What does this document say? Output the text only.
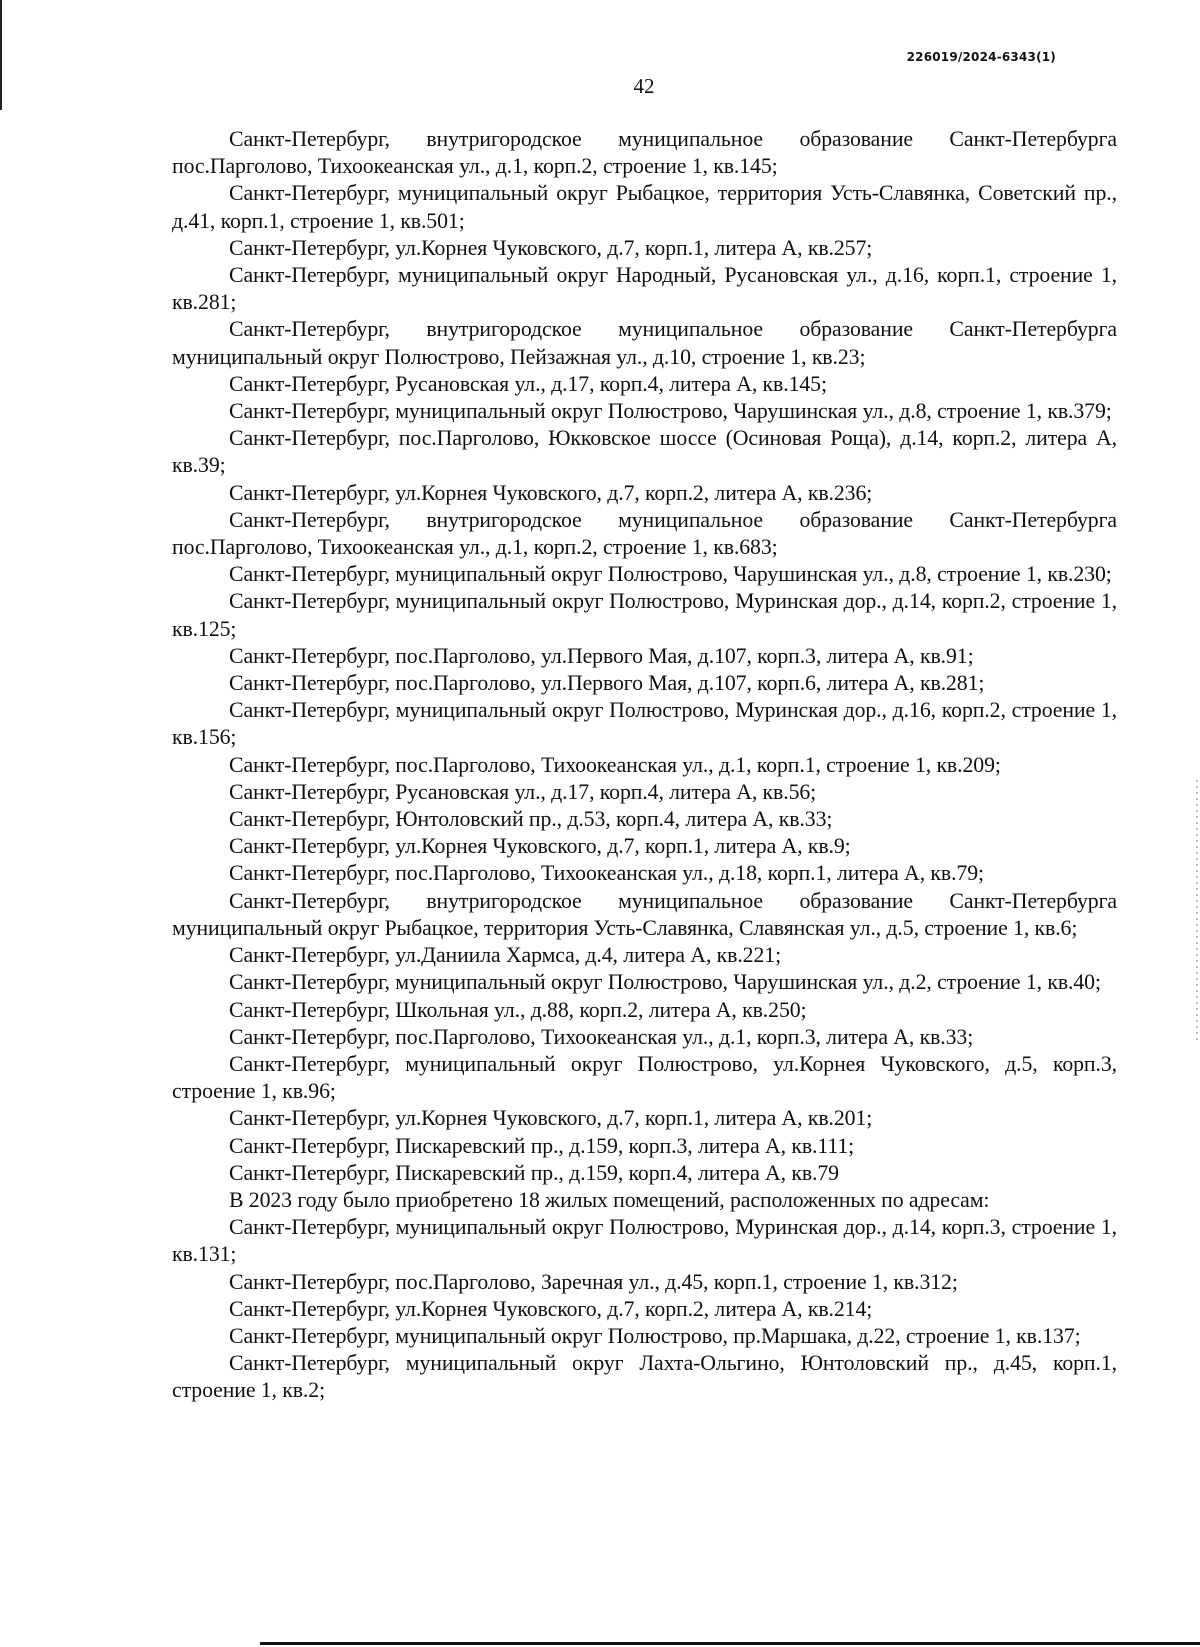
226019/2024-6343(1)
42

Санкт-Петербург, внутригородское муниципальное образование Санкт-Петербурга пос.Парголово, Тихоокеанская ул., д.1, корп.2, строение 1, кв.145;

Санкт-Петербург, муниципальный округ Рыбацкое, территория Усть-Славянка, Советский пр., д.41, корп.1, строение 1, кв.501;

Санкт-Петербург, ул.Корнея Чуковского, д.7, корп.1, литера А, кв.257;

Санкт-Петербург, муниципальный округ Народный, Русановская ул., д.16, корп.1, строение 1, кв.281;

Санкт-Петербург, внутригородское муниципальное образование Санкт-Петербурга муниципальный округ Полюстрово, Пейзажная ул., д.10, строение 1, кв.23;

Санкт-Петербург, Русановская ул., д.17, корп.4, литера А, кв.145;

Санкт-Петербург, муниципальный округ Полюстрово, Чарушинская ул., д.8, строение 1, кв.379;

Санкт-Петербург, пос.Парголово, Юкковское шоссе (Осиновая Роща), д.14, корп.2, литера А, кв.39;

Санкт-Петербург, ул.Корнея Чуковского, д.7, корп.2, литера А, кв.236;

Санкт-Петербург, внутригородское муниципальное образование Санкт-Петербурга пос.Парголово, Тихоокеанская ул., д.1, корп.2, строение 1, кв.683;

Санкт-Петербург, муниципальный округ Полюстрово, Чарушинская ул., д.8, строение 1, кв.230;

Санкт-Петербург, муниципальный округ Полюстрово, Муринская дор., д.14, корп.2, строение 1, кв.125;

Санкт-Петербург, пос.Парголово, ул.Первого Мая, д.107, корп.3, литера А, кв.91;

Санкт-Петербург, пос.Парголово, ул.Первого Мая, д.107, корп.6, литера А, кв.281;

Санкт-Петербург, муниципальный округ Полюстрово, Муринская дор., д.16, корп.2, строение 1, кв.156;

Санкт-Петербург, пос.Парголово, Тихоокеанская ул., д.1, корп.1, строение 1, кв.209;

Санкт-Петербург, Русановская ул., д.17, корп.4, литера А, кв.56;

Санкт-Петербург, Юнтоловский пр., д.53, корп.4, литера А, кв.33;

Санкт-Петербург, ул.Корнея Чуковского, д.7, корп.1, литера А, кв.9;

Санкт-Петербург, пос.Парголово, Тихоокеанская ул., д.18, корп.1, литера А, кв.79;

Санкт-Петербург, внутригородское муниципальное образование Санкт-Петербурга муниципальный округ Рыбацкое, территория Усть-Славянка, Славянская ул., д.5, строение 1, кв.6;

Санкт-Петербург, ул.Даниила Хармса, д.4, литера А, кв.221;

Санкт-Петербург, муниципальный округ Полюстрово, Чарушинская ул., д.2, строение 1, кв.40;

Санкт-Петербург, Школьная ул., д.88, корп.2, литера А, кв.250;

Санкт-Петербург, пос.Парголово, Тихоокеанская ул., д.1, корп.3, литера А, кв.33;

Санкт-Петербург, муниципальный округ Полюстрово, ул.Корнея Чуковского, д.5, корп.3, строение 1, кв.96;

Санкт-Петербург, ул.Корнея Чуковского, д.7, корп.1, литера А, кв.201;

Санкт-Петербург, Пискаревский пр., д.159, корп.3, литера А, кв.111;

Санкт-Петербург, Пискаревский пр., д.159, корп.4, литера А, кв.79

В 2023 году было приобретено 18 жилых помещений, расположенных по адресам:

Санкт-Петербург, муниципальный округ Полюстрово, Муринская дор., д.14, корп.3, строение 1, кв.131;

Санкт-Петербург, пос.Парголово, Заречная ул., д.45, корп.1, строение 1, кв.312;

Санкт-Петербург, ул.Корнея Чуковского, д.7, корп.2, литера А, кв.214;

Санкт-Петербург, муниципальный округ Полюстрово, пр.Маршака, д.22, строение 1, кв.137;

Санкт-Петербург, муниципальный округ Лахта-Ольгино, Юнтоловский пр., д.45, корп.1, строение 1, кв.2;
